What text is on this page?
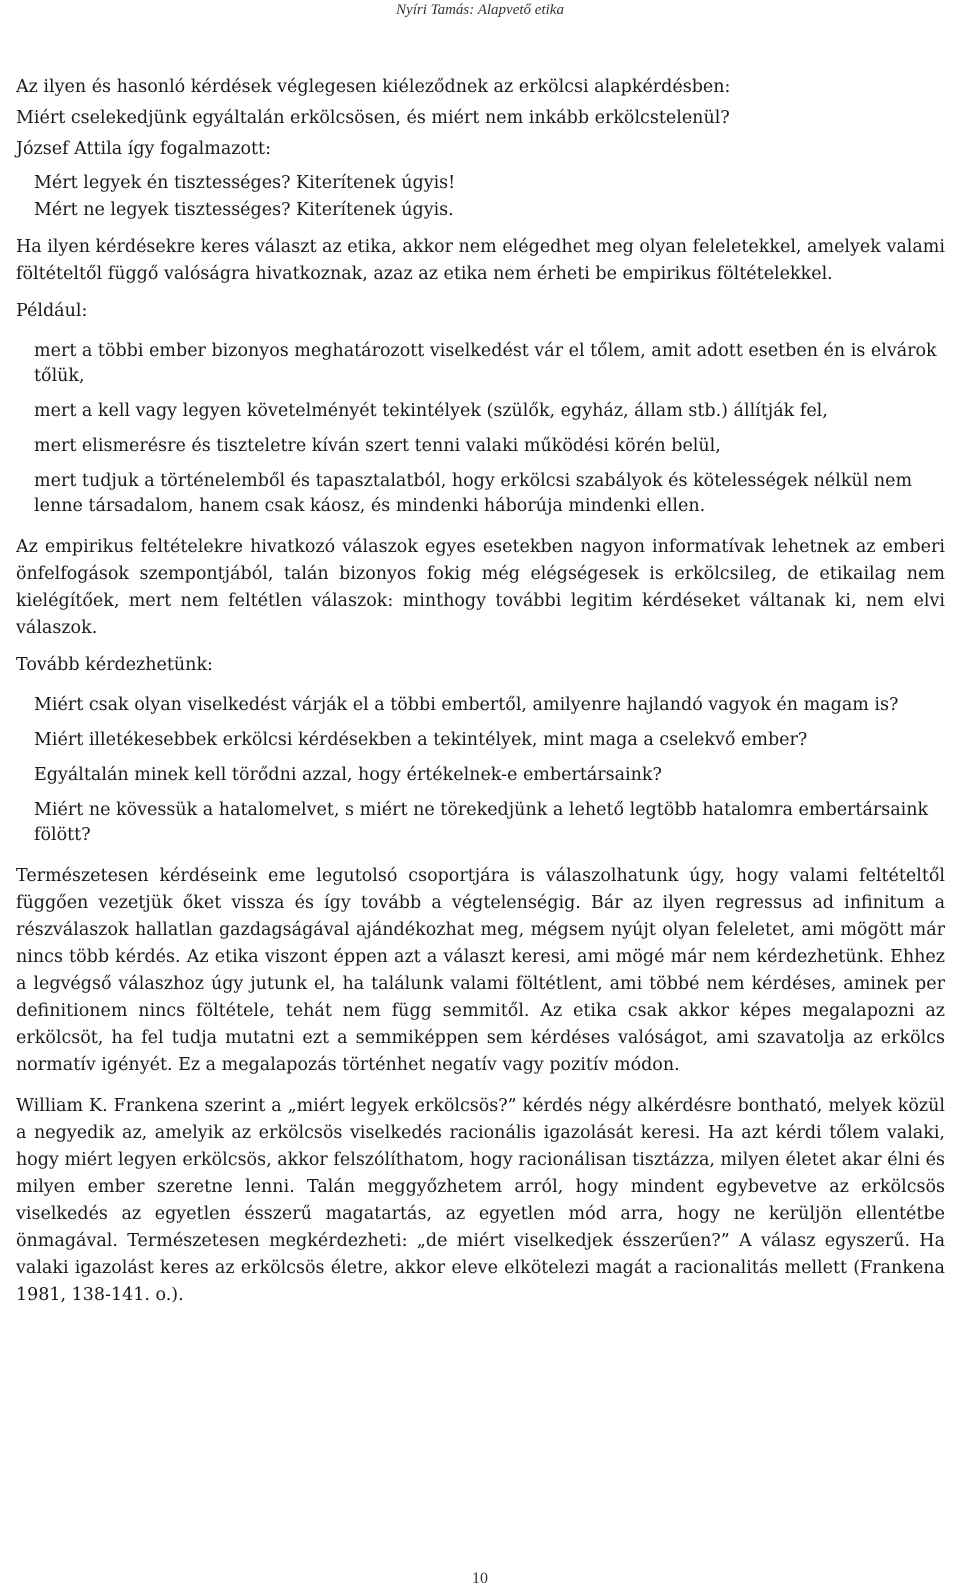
Nyíri Tamás: Alapvető etika

Az ilyen és hasonló kérdések véglegesen kiéleződnek az erkölcsi alapkérdésben:

Miért cselekedjünk egyáltalán erkölcsösen, és miért nem inkább erkölcstelenül?

József Attila így fogalmazott:

Mért legyek én tisztességes? Kiterítenek úgyis!
Mért ne legyek tisztességes? Kiterítenek úgyis.

Ha ilyen kérdésekre keres választ az etika, akkor nem elégedhet meg olyan feleletekkel, amelyek valami föltételtől függő valóságra hivatkoznak, azaz az etika nem érheti be empirikus föltételekkel.

Például:

mert a többi ember bizonyos meghatározott viselkedést vár el tőlem, amit adott esetben én is elvárok tőlük,

mert a kell vagy legyen követelményét tekintélyek (szülők, egyház, állam stb.) állítják fel,

mert elismerésre és tiszteletre kíván szert tenni valaki működési körén belül,

mert tudjuk a történelemből és tapasztalatból, hogy erkölcsi szabályok és kötelességek nélkül nem lenne társadalom, hanem csak káosz, és mindenki háborúja mindenki ellen.

Az empirikus feltételekre hivatkozó válaszok egyes esetekben nagyon informatívak lehetnek az emberi önfelfogások szempontjából, talán bizonyos fokig még elégségesek is erkölcsileg, de etikailag nem kielégítőek, mert nem feltétlen válaszok: minthogy további legitim kérdéseket váltanak ki, nem elvi válaszok.

Tovább kérdezhetünk:

Miért csak olyan viselkedést várják el a többi embertől, amilyenre hajlandó vagyok én magam is?

Miért illetékesebbek erkölcsi kérdésekben a tekintélyek, mint maga a cselekvő ember?

Egyáltalán minek kell törődni azzal, hogy értékelnek-e embertársaink?

Miért ne kövessük a hatalomelvet, s miért ne törekedjünk a lehető legtöbb hatalomra embertársaink fölött?

Természetesen kérdéseink eme legutolsó csoportjára is válaszolhatunk úgy, hogy valami feltételtől függően vezetjük őket vissza és így tovább a végtelenségig. Bár az ilyen regressus ad infinitum a részválaszok hallatlan gazdagságával ajándékozhat meg, mégsem nyújt olyan feleletet, ami mögött már nincs több kérdés. Az etika viszont éppen azt a választ keresi, ami mögé már nem kérdezhetünk. Ehhez a legvégső válaszhoz úgy jutunk el, ha találunk valami föltétlent, ami többé nem kérdéses, aminek per definitionem nincs föltétele, tehát nem függ semmitől. Az etika csak akkor képes megalapozni az erkölcsöt, ha fel tudja mutatni ezt a semmiképpen sem kérdéses valóságot, ami szavatolja az erkölcs normatív igényét. Ez a megalapozás történhet negatív vagy pozitív módon.

William K. Frankena szerint a „miért legyek erkölcsös?” kérdés négy alkérdésre bontható, melyek közül a negyedik az, amelyik az erkölcsös viselkedés racionális igazolását keresi. Ha azt kérdi tőlem valaki, hogy miért legyen erkölcsös, akkor felszólíthatom, hogy racionálisan tisztázza, milyen életet akar élni és milyen ember szeretne lenni. Talán meggyőzhetem arról, hogy mindent egybevetve az erkölcsös viselkedés az egyetlen ésszerű magatartás, az egyetlen mód arra, hogy ne kerüljön ellentétbe önmagával. Természetesen megkérdezheti: „de miért viselkedjek ésszerűen?” A válasz egyszerű. Ha valaki igazolást keres az erkölcsös életre, akkor eleve elkötelezi magát a racionalitás mellett (Frankena 1981, 138-141. o.).

10
